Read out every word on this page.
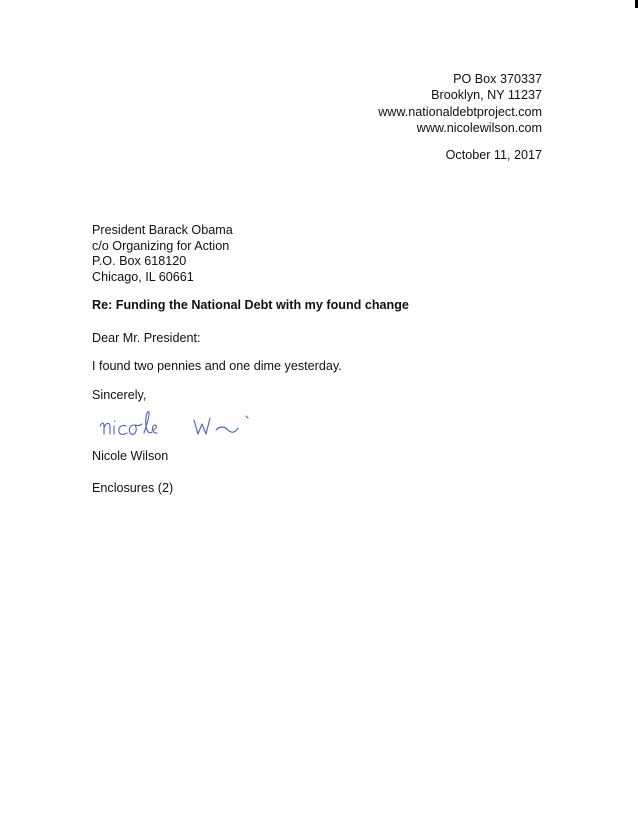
PO Box 370337
Brooklyn, NY 11237
www.nationaldebtproject.com
www.nicolewilson.com
October 11, 2017
President Barack Obama
c/o Organizing for Action
P.O. Box 618120
Chicago, IL 60661
Re: Funding the National Debt with my found change
Dear Mr. President:
I found two pennies and one dime yesterday.
Sincerely,
Nicole Wilson
Enclosures (2)
